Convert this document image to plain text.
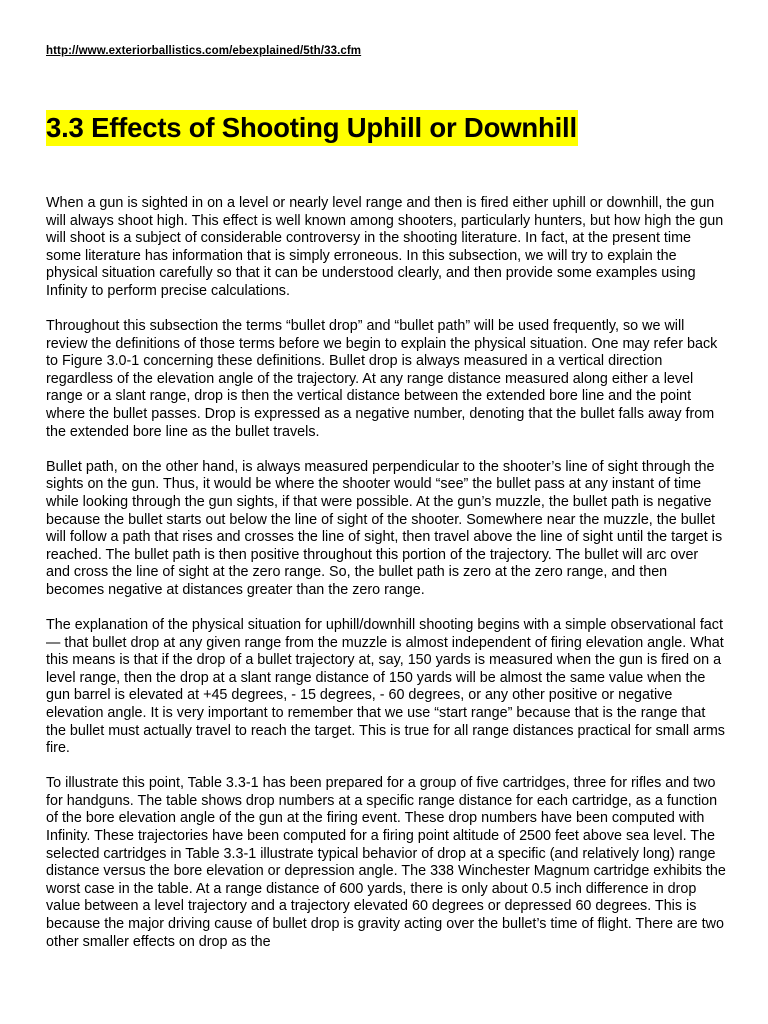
http://www.exteriorballistics.com/ebexplained/5th/33.cfm
3.3 Effects of Shooting Uphill or Downhill

When a gun is sighted in on a level or nearly level range and then is fired either uphill or downhill, the gun will always shoot high. This effect is well known among shooters, particularly hunters, but how high the gun will shoot is a subject of considerable controversy in the shooting literature. In fact, at the present time some literature has information that is simply erroneous. In this subsection, we will try to explain the physical situation carefully so that it can be understood clearly, and then provide some examples using Infinity to perform precise calculations.

Throughout this subsection the terms “bullet drop” and “bullet path” will be used frequently, so we will review the definitions of those terms before we begin to explain the physical situation. One may refer back to Figure 3.0-1 concerning these definitions. Bullet drop is always measured in a vertical direction regardless of the elevation angle of the trajectory. At any range distance measured along either a level range or a slant range, drop is then the vertical distance between the extended bore line and the point where the bullet passes. Drop is expressed as a negative number, denoting that the bullet falls away from the extended bore line as the bullet travels.

Bullet path, on the other hand, is always measured perpendicular to the shooter’s line of sight through the sights on the gun. Thus, it would be where the shooter would “see” the bullet pass at any instant of time while looking through the gun sights, if that were possible. At the gun’s muzzle, the bullet path is negative because the bullet starts out below the line of sight of the shooter. Somewhere near the muzzle, the bullet will follow a path that rises and crosses the line of sight, then travel above the line of sight until the target is reached. The bullet path is then positive throughout this portion of the trajectory. The bullet will arc over and cross the line of sight at the zero range. So, the bullet path is zero at the zero range, and then becomes negative at distances greater than the zero range.

The explanation of the physical situation for uphill/downhill shooting begins with a simple observational fact — that bullet drop at any given range from the muzzle is almost independent of firing elevation angle. What this means is that if the drop of a bullet trajectory at, say, 150 yards is measured when the gun is fired on a level range, then the drop at a slant range distance of 150 yards will be almost the same value when the gun barrel is elevated at +45 degrees, - 15 degrees, - 60 degrees, or any other positive or negative elevation angle. It is very important to remember that we use “start range” because that is the range that the bullet must actually travel to reach the target. This is true for all range distances practical for small arms fire.

To illustrate this point, Table 3.3-1 has been prepared for a group of five cartridges, three for rifles and two for handguns. The table shows drop numbers at a specific range distance for each cartridge, as a function of the bore elevation angle of the gun at the firing event. These drop numbers have been computed with Infinity. These trajectories have been computed for a firing point altitude of 2500 feet above sea level. The selected cartridges in Table 3.3-1 illustrate typical behavior of drop at a specific (and relatively long) range distance versus the bore elevation or depression angle. The 338 Winchester Magnum cartridge exhibits the worst case in the table. At a range distance of 600 yards, there is only about 0.5 inch difference in drop value between a level trajectory and a trajectory elevated 60 degrees or depressed 60 degrees. This is because the major driving cause of bullet drop is gravity acting over the bullet’s time of flight. There are two other smaller effects on drop as the
